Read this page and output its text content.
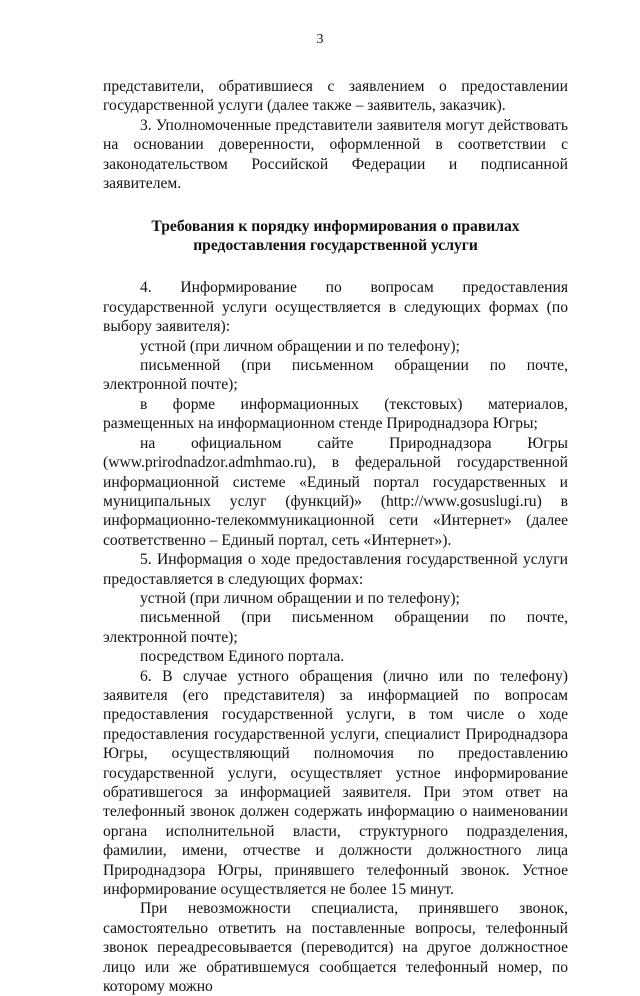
3

представители, обратившиеся с заявлением о предоставлении государственной услуги (далее также – заявитель, заказчик).

3. Уполномоченные представители заявителя могут действовать на основании доверенности, оформленной в соответствии с законодательством Российской Федерации и подписанной заявителем.

Требования к порядку информирования о правилах предоставления государственной услуги

4. Информирование по вопросам предоставления государственной услуги осуществляется в следующих формах (по выбору заявителя):

устной (при личном обращении и по телефону);

письменной (при письменном обращении по почте, электронной почте);

в форме информационных (текстовых) материалов, размещенных на информационном стенде Природнадзора Югры;

на официальном сайте Природнадзора Югры (www.prirodnadzor.admhmao.ru), в федеральной государственной информационной системе «Единый портал государственных и муниципальных услуг (функций)» (http://www.gosuslugi.ru) в информационно-телекоммуникационной сети «Интернет» (далее соответственно – Единый портал, сеть «Интернет»).

5. Информация о ходе предоставления государственной услуги предоставляется в следующих формах:

устной (при личном обращении и по телефону);

письменной (при письменном обращении по почте, электронной почте);

посредством Единого портала.

6. В случае устного обращения (лично или по телефону) заявителя (его представителя) за информацией по вопросам предоставления государственной услуги, в том числе о ходе предоставления государственной услуги, специалист Природнадзора Югры, осуществляющий полномочия по предоставлению государственной услуги, осуществляет устное информирование обратившегося за информацией заявителя. При этом ответ на телефонный звонок должен содержать информацию о наименовании органа исполнительной власти, структурного подразделения, фамилии, имени, отчестве и должности должностного лица Природнадзора Югры, принявшего телефонный звонок. Устное информирование осуществляется не более 15 минут.

При невозможности специалиста, принявшего звонок, самостоятельно ответить на поставленные вопросы, телефонный звонок переадресовывается (переводится) на другое должностное лицо или же обратившемуся сообщается телефонный номер, по которому можно
